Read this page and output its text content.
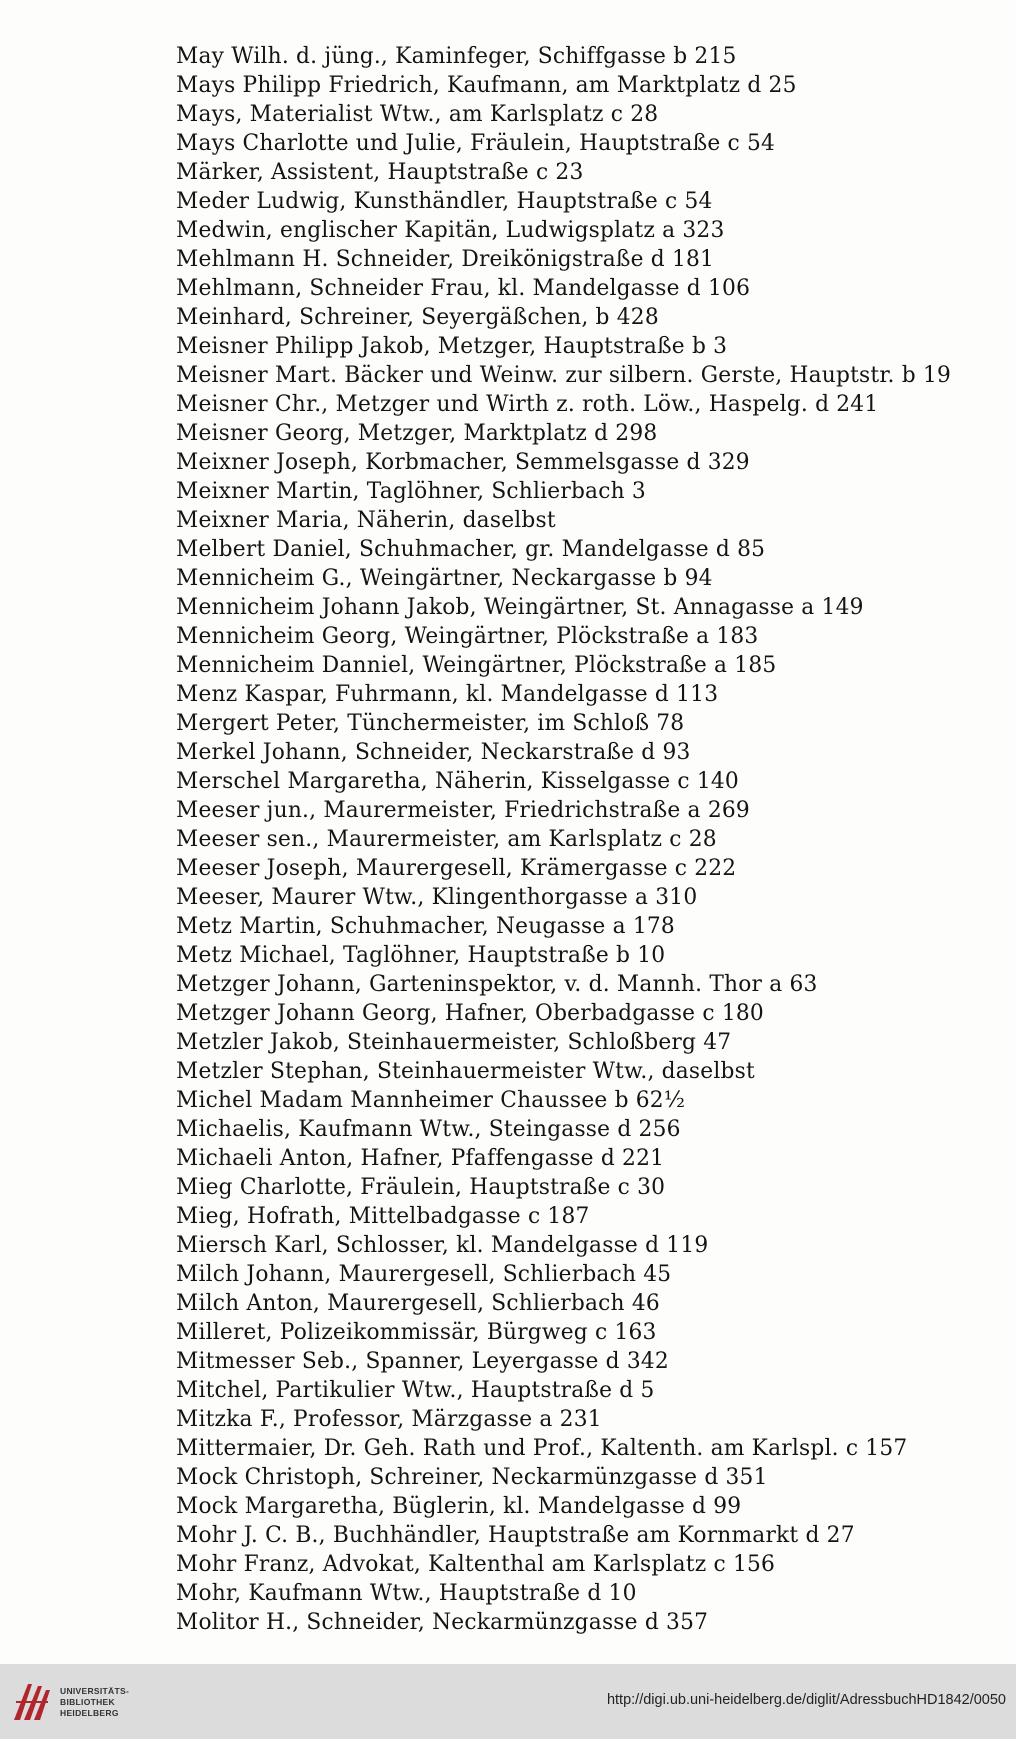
May Wilh. d. jüng., Kaminfeger, Schiffgasse b 215
Mays Philipp Friedrich, Kaufmann, am Marktplatz d 25
Mays, Materialist Wtw., am Karlsplatz c 28
Mays Charlotte und Julie, Fräulein, Hauptstraße c 54
Märker, Assistent, Hauptstraße c 23
Meder Ludwig, Kunsthändler, Hauptstraße c 54
Medwin, englischer Kapitän, Ludwigsplatz a 323
Mehlmann H. Schneider, Dreikönigstraße d 181
Mehlmann, Schneider Frau, kl. Mandelgasse d 106
Meinhard, Schreiner, Seyergäßchen, b 428
Meisner Philipp Jakob, Metzger, Hauptstraße b 3
Meisner Mart. Bäcker und Weinw. zur silbern. Gerste, Hauptstr. b 19
Meisner Chr., Metzger und Wirth z. roth. Löw., Haspelg. d 241
Meisner Georg, Metzger, Marktplatz d 298
Meixner Joseph, Korbmacher, Semmelsgasse d 329
Meixner Martin, Taglöhner, Schlierbach 3
Meixner Maria, Näherin, daselbst
Melbert Daniel, Schuhmacher, gr. Mandelgasse d 85
Mennicheim G., Weingärtner, Neckargasse b 94
Mennicheim Johann Jakob, Weingärtner, St. Annagasse a 149
Mennicheim Georg, Weingärtner, Plöckstraße a 183
Mennicheim Danniel, Weingärtner, Plöckstraße a 185
Menz Kaspar, Fuhrmann, kl. Mandelgasse d 113
Mergert Peter, Tünchermeister, im Schloß 78
Merkel Johann, Schneider, Neckarstraße d 93
Merschel Margaretha, Näherin, Kisselgasse c 140
Meeser jun., Maurermeister, Friedrichstraße a 269
Meeser sen., Maurermeister, am Karlsplatz c 28
Meeser Joseph, Maurergesell, Krämergasse c 222
Meeser, Maurer Wtw., Klingenthorgasse a 310
Metz Martin, Schuhmacher, Neugasse a 178
Metz Michael, Taglöhner, Hauptstraße b 10
Metzger Johann, Garteninspektor, v. d. Mannh. Thor a 63
Metzger Johann Georg, Hafner, Oberbadgasse c 180
Metzler Jakob, Steinhauermeister, Schloßberg 47
Metzler Stephan, Steinhauermeister Wtw., daselbst
Michel Madam Mannheimer Chaussee b 62½
Michaelis, Kaufmann Wtw., Steingasse d 256
Michaeli Anton, Hafner, Pfaffengasse d 221
Mieg Charlotte, Fräulein, Hauptstraße c 30
Mieg, Hofrath, Mittelbadgasse c 187
Miersch Karl, Schlosser, kl. Mandelgasse d 119
Milch Johann, Maurergesell, Schlierbach 45
Milch Anton, Maurergesell, Schlierbach 46
Milleret, Polizeikommissär, Bürgweg c 163
Mitmesser Seb., Spanner, Leyergasse d 342
Mitchel, Partikulier Wtw., Hauptstraße d 5
Mitzka F., Professor, Märzgasse a 231
Mittermaier, Dr. Geh. Rath und Prof., Kaltenth. am Karlspl. c 157
Mock Christoph, Schreiner, Neckarmünzgasse d 351
Mock Margaretha, Büglerin, kl. Mandelgasse d 99
Mohr J. C. B., Buchhändler, Hauptstraße am Kornmarkt d 27
Mohr Franz, Advokat, Kaltenthal am Karlsplatz c 156
Mohr, Kaufmann Wtw., Hauptstraße d 10
Molitor H., Schneider, Neckarmünzgasse d 357
UNIVERSITÄTS-
BIBLIOTHEK
HEIDELBERG
http://digi.ub.uni-heidelberg.de/diglit/AdressbuchHD1842/0050
